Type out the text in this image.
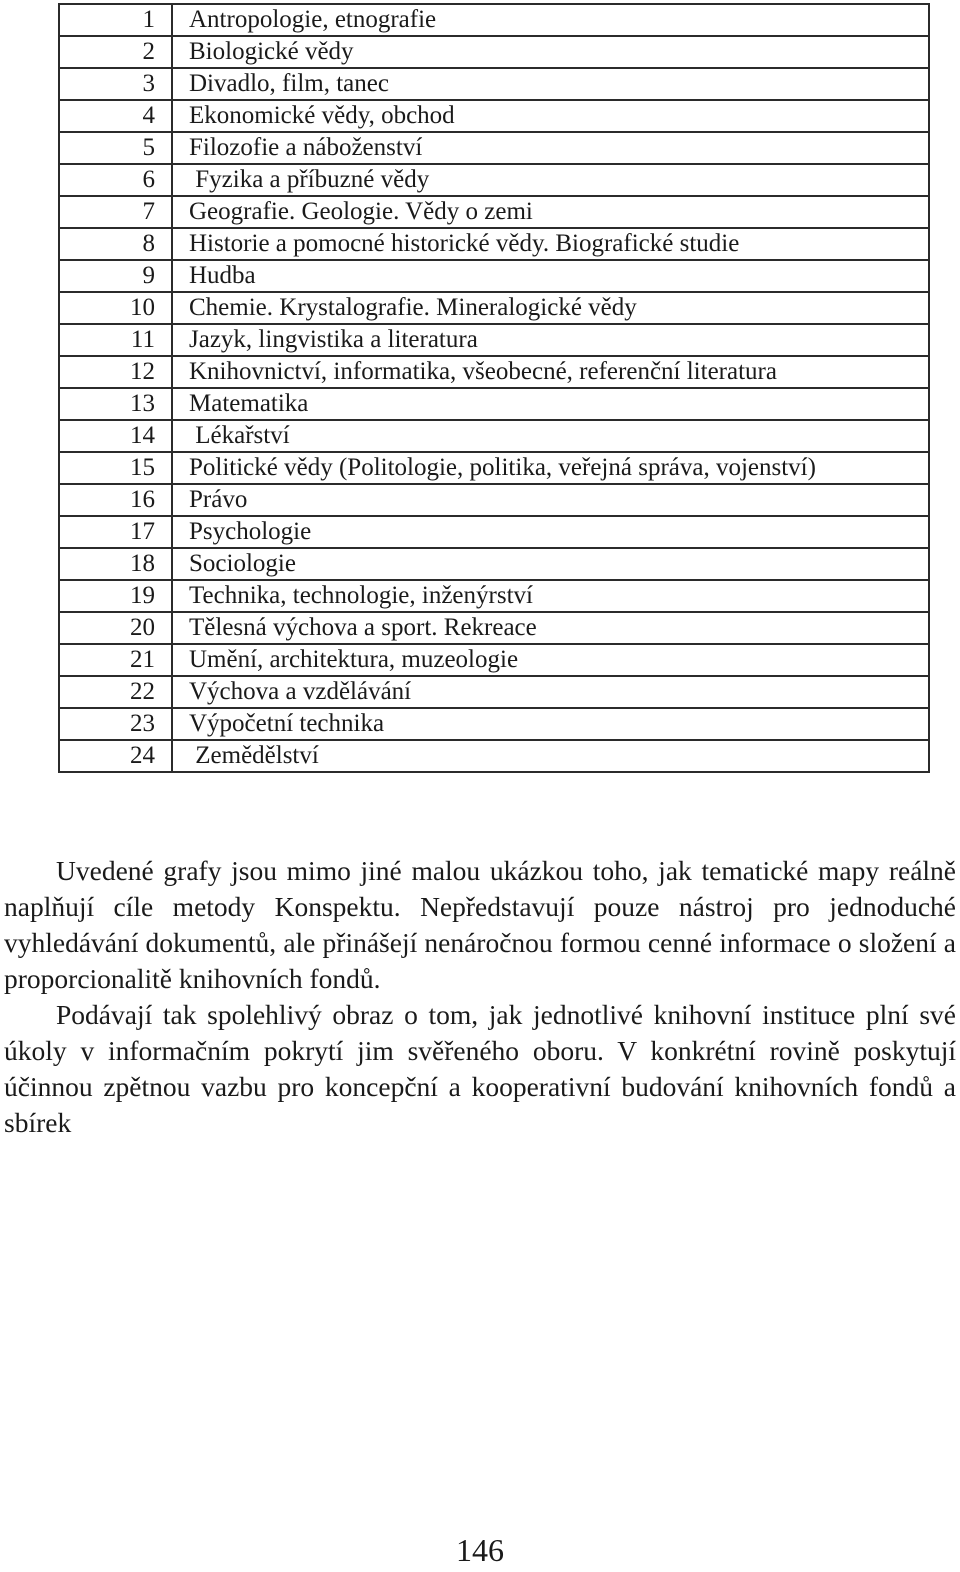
1	Antropologie, etnografie
2	Biologické vědy
3	Divadlo, film, tanec
4	Ekonomické vědy, obchod
5	Filozofie a náboženství
6	Fyzika a příbuzné vědy
7	Geografie. Geologie. Vědy o zemi
8	Historie a pomocné historické vědy. Biografické studie
9	Hudba
10	Chemie. Krystalografie. Mineralogické vědy
11	Jazyk, lingvistika a literatura
12	Knihovnictví, informatika, všeobecné, referenční literatura
13	Matematika
14	Lékařství
15	Politické vědy (Politologie, politika, veřejná správa, vojenství)
16	Právo
17	Psychologie
18	Sociologie
19	Technika, technologie, inženýrství
20	Tělesná výchova a sport. Rekreace
21	Umění, architektura, muzeologie
22	Výchova a vzdělávání
23	Výpočetní technika
24	Zemědělství

Uvedené grafy jsou mimo jiné malou ukázkou toho, jak tematické mapy reálně naplňují cíle metody Konspektu. Nepředstavují pouze nástroj pro jednoduché vyhledávání dokumentů, ale přinášejí nenáročnou formou cenné informace o složení a proporcionalitě knihovních fondů.

Podávají tak spolehlivý obraz o tom, jak jednotlivé knihovní instituce plní své úkoly v informačním pokrytí jim svěřeného oboru. V konkrétní rovině poskytují účinnou zpětnou vazbu pro koncepční a kooperativní budování knihovních fondů a sbírek

146
